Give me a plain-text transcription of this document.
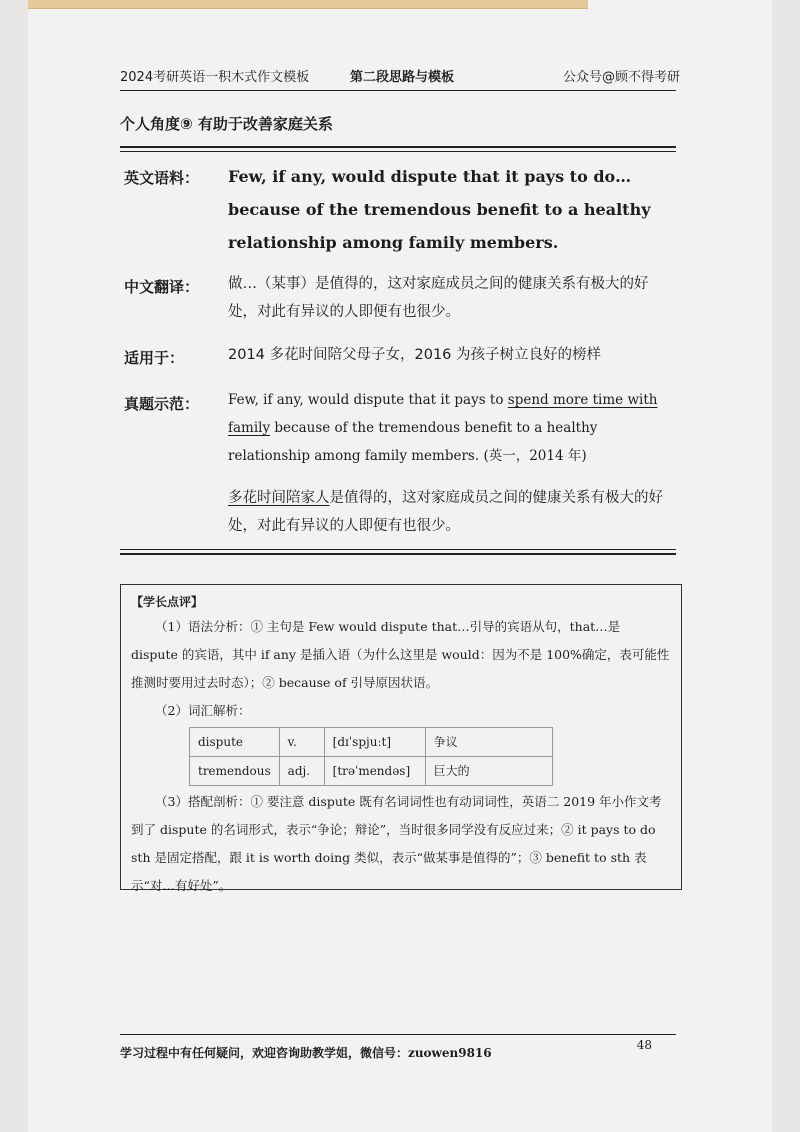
2024考研英语一积木式作文模板	第二段思路与模板	公众号@顾不得考研
个人角度⑨ 有助于改善家庭关系
英文语料： Few, if any, would dispute that it pays to do…because of the tremendous benefit to a healthy relationship among family members.
中文翻译： 做…（某事）是值得的，这对家庭成员之间的健康关系有极大的好处，对此有异议的人即便有也很少。
适用于：	2014 多花时间陪父母子女，2016 为孩子树立良好的榜样
真题示范： Few, if any, would dispute that it pays to spend more time with family because of the tremendous benefit to a healthy relationship among family members. (英一，2014 年)
多花时间陪家人是值得的，这对家庭成员之间的健康关系有极大的好处，对此有异议的人即便有也很少。

【学长点评】

（1）语法分析：① 主句是 Few would dispute that…引导的宾语从句，that…是 dispute 的宾语，其中 if any 是插入语（为什么这里是 would：因为不是 100%确定，表可能性推测时要用过去时态）；② because of 引导原因状语。

（2）词汇解析：

dispute	v.	[dɪˈspjuːt]	争议
tremendous	adj.	[trəˈmendəs]	巨大的

（3）搭配剖析：① 要注意 dispute 既有名词词性也有动词词性，英语二 2019 年小作文考到了 dispute 的名词形式，表示“争论；辩论”，当时很多同学没有反应过来；② it pays to do sth 是固定搭配，跟 it is worth doing 类似，表示“做某事是值得的”；③ benefit to sth 表示“对…有好处”。

学习过程中有任何疑问，欢迎咨询助教学姐，微信号：zuowen9816
48
